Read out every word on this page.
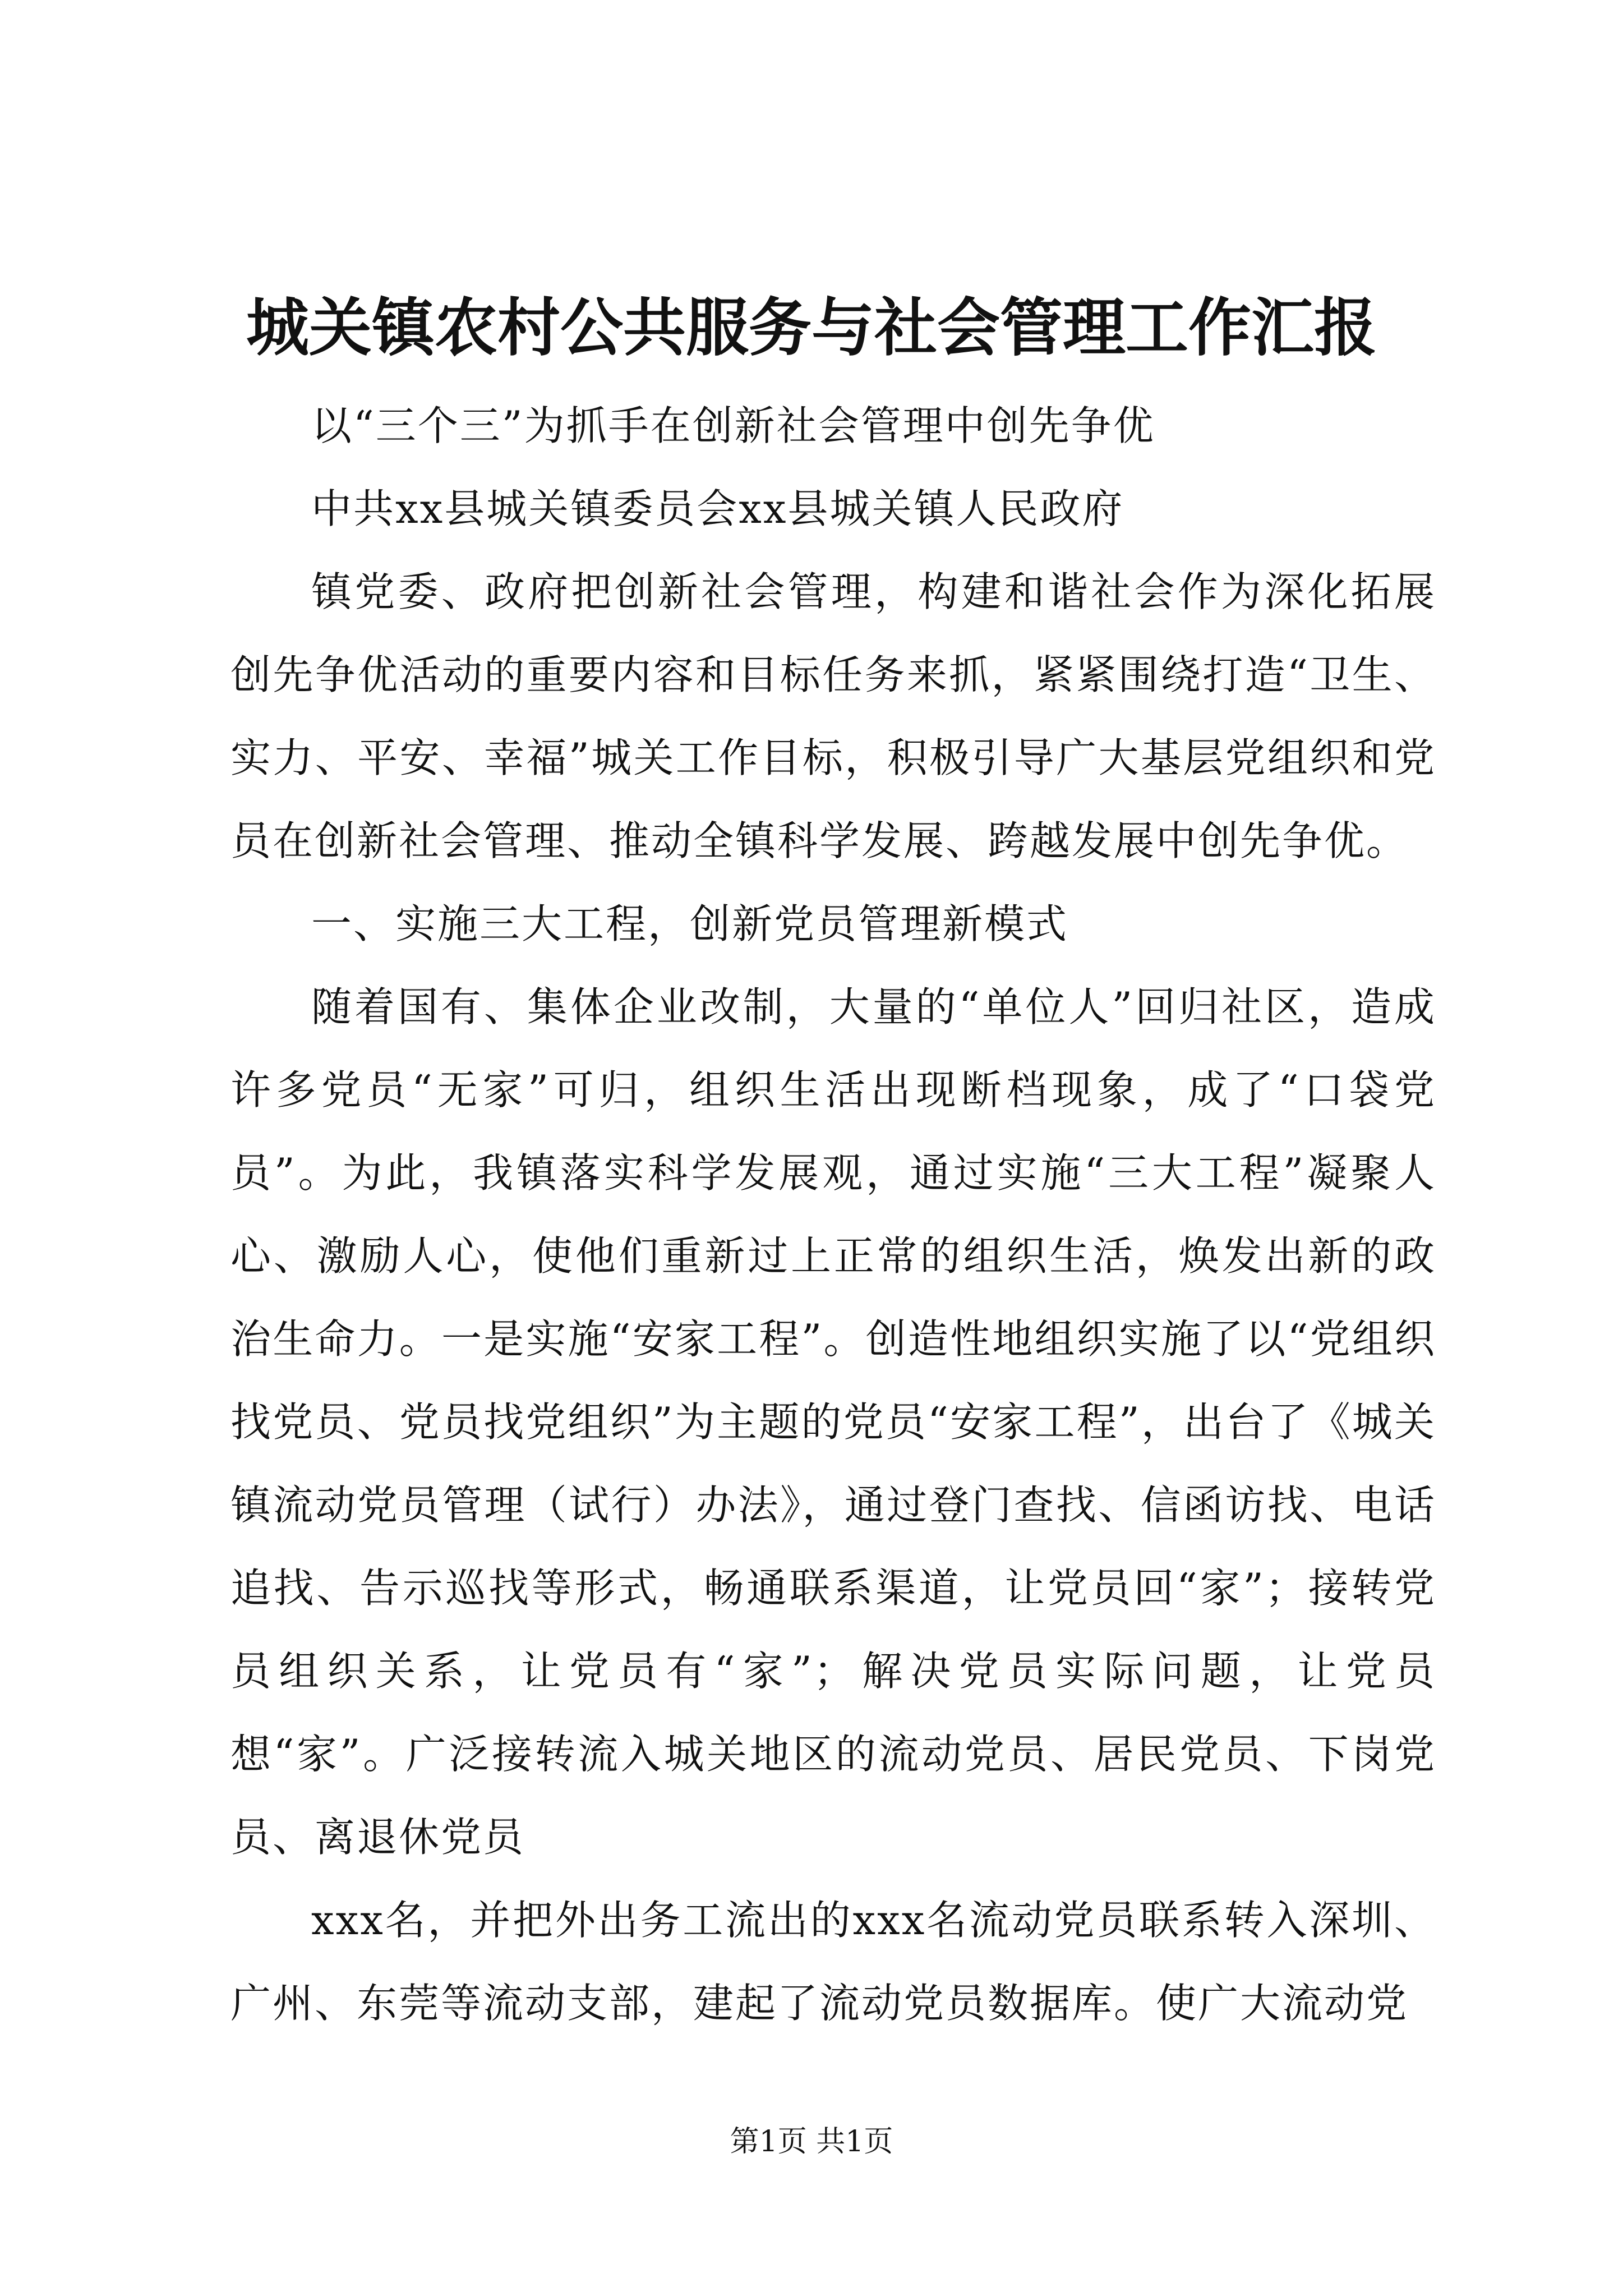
城关镇农村公共服务与社会管理工作汇报

以“三个三”为抓手在创新社会管理中创先争优

中共xx县城关镇委员会xx县城关镇人民政府

镇党委、政府把创新社会管理，构建和谐社会作为深化拓展创先争优活动的重要内容和目标任务来抓，紧紧围绕打造“卫生、实力、平安、幸福”城关工作目标，积极引导广大基层党组织和党员在创新社会管理、推动全镇科学发展、跨越发展中创先争优。

一、实施三大工程，创新党员管理新模式

随着国有、集体企业改制，大量的“单位人”回归社区，造成许多党员“无家”可归，组织生活出现断档现象，成了“口袋党员”。为此，我镇落实科学发展观，通过实施“三大工程”凝聚人心、激励人心，使他们重新过上正常的组织生活，焕发出新的政治生命力。一是实施“安家工程”。创造性地组织实施了以“党组织找党员、党员找党组织”为主题的党员“安家工程”，出台了《城关镇流动党员管理（试行）办法》，通过登门查找、信函访找、电话追找、告示巡找等形式，畅通联系渠道，让党员回“家”；接转党员组织关系，让党员有“家”；解决党员实际问题，让党员想“家”。广泛接转流入城关地区的流动党员、居民党员、下岗党员、离退休党员

xxx名，并把外出务工流出的xxx名流动党员联系转入深圳、广州、东莞等流动支部，建起了流动党员数据库。使广大流动党

第1页 共1页
